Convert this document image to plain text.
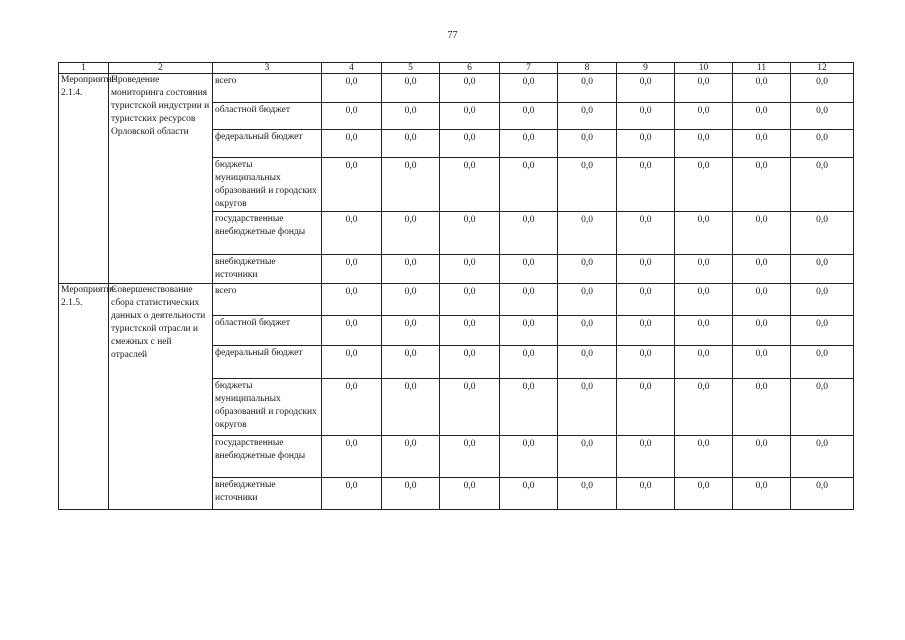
77
1	2	3	4	5	6	7	8	9	10	11	12
Мероприятие 2.1.4.	Проведение мониторинга состояния туристской индустрии и туристских ресурсов Орловской области	всего	0,0	0,0	0,0	0,0	0,0	0,0	0,0	0,0	0,0
		областной бюджет	0,0	0,0	0,0	0,0	0,0	0,0	0,0	0,0	0,0
		федеральный бюджет	0,0	0,0	0,0	0,0	0,0	0,0	0,0	0,0	0,0
		бюджеты муниципальных образований и городских округов	0,0	0,0	0,0	0,0	0,0	0,0	0,0	0,0	0,0
		государственные внебюджетные фонды	0,0	0,0	0,0	0,0	0,0	0,0	0,0	0,0	0,0
		внебюджетные источники	0,0	0,0	0,0	0,0	0,0	0,0	0,0	0,0	0,0
Мероприятие 2.1.5.	Совершенствование сбора статистических данных о деятельности туристской отрасли и смежных с ней отраслей	всего	0,0	0,0	0,0	0,0	0,0	0,0	0,0	0,0	0,0
		областной бюджет	0,0	0,0	0,0	0,0	0,0	0,0	0,0	0,0	0,0
		федеральный бюджет	0,0	0,0	0,0	0,0	0,0	0,0	0,0	0,0	0,0
		бюджеты муниципальных образований и городских округов	0,0	0,0	0,0	0,0	0,0	0,0	0,0	0,0	0,0
		государственные внебюджетные фонды	0,0	0,0	0,0	0,0	0,0	0,0	0,0	0,0	0,0
		внебюджетные источники	0,0	0,0	0,0	0,0	0,0	0,0	0,0	0,0	0,0
